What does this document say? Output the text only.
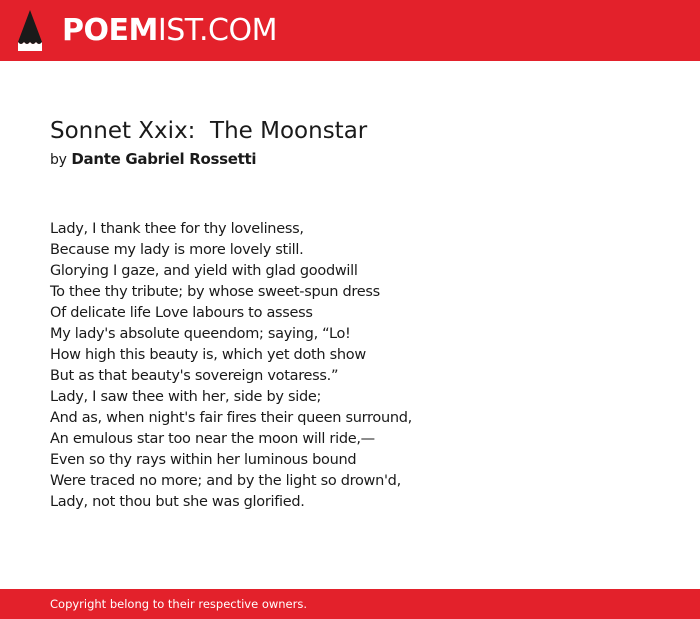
POEMIST.COM
Sonnet Xxix:  The Moonstar
by Dante Gabriel Rossetti
Lady, I thank thee for thy loveliness,
Because my lady is more lovely still.
Glorying I gaze, and yield with glad goodwill
To thee thy tribute; by whose sweet-spun dress
Of delicate life Love labours to assess
My lady's absolute queendom; saying, “Lo!
How high this beauty is, which yet doth show
But as that beauty's sovereign votaress.”
Lady, I saw thee with her, side by side;
And as, when night's fair fires their queen surround,
An emulous star too near the moon will ride,—
Even so thy rays within her luminous bound
Were traced no more; and by the light so drown'd,
Lady, not thou but she was glorified.
Copyright belong to their respective owners.
